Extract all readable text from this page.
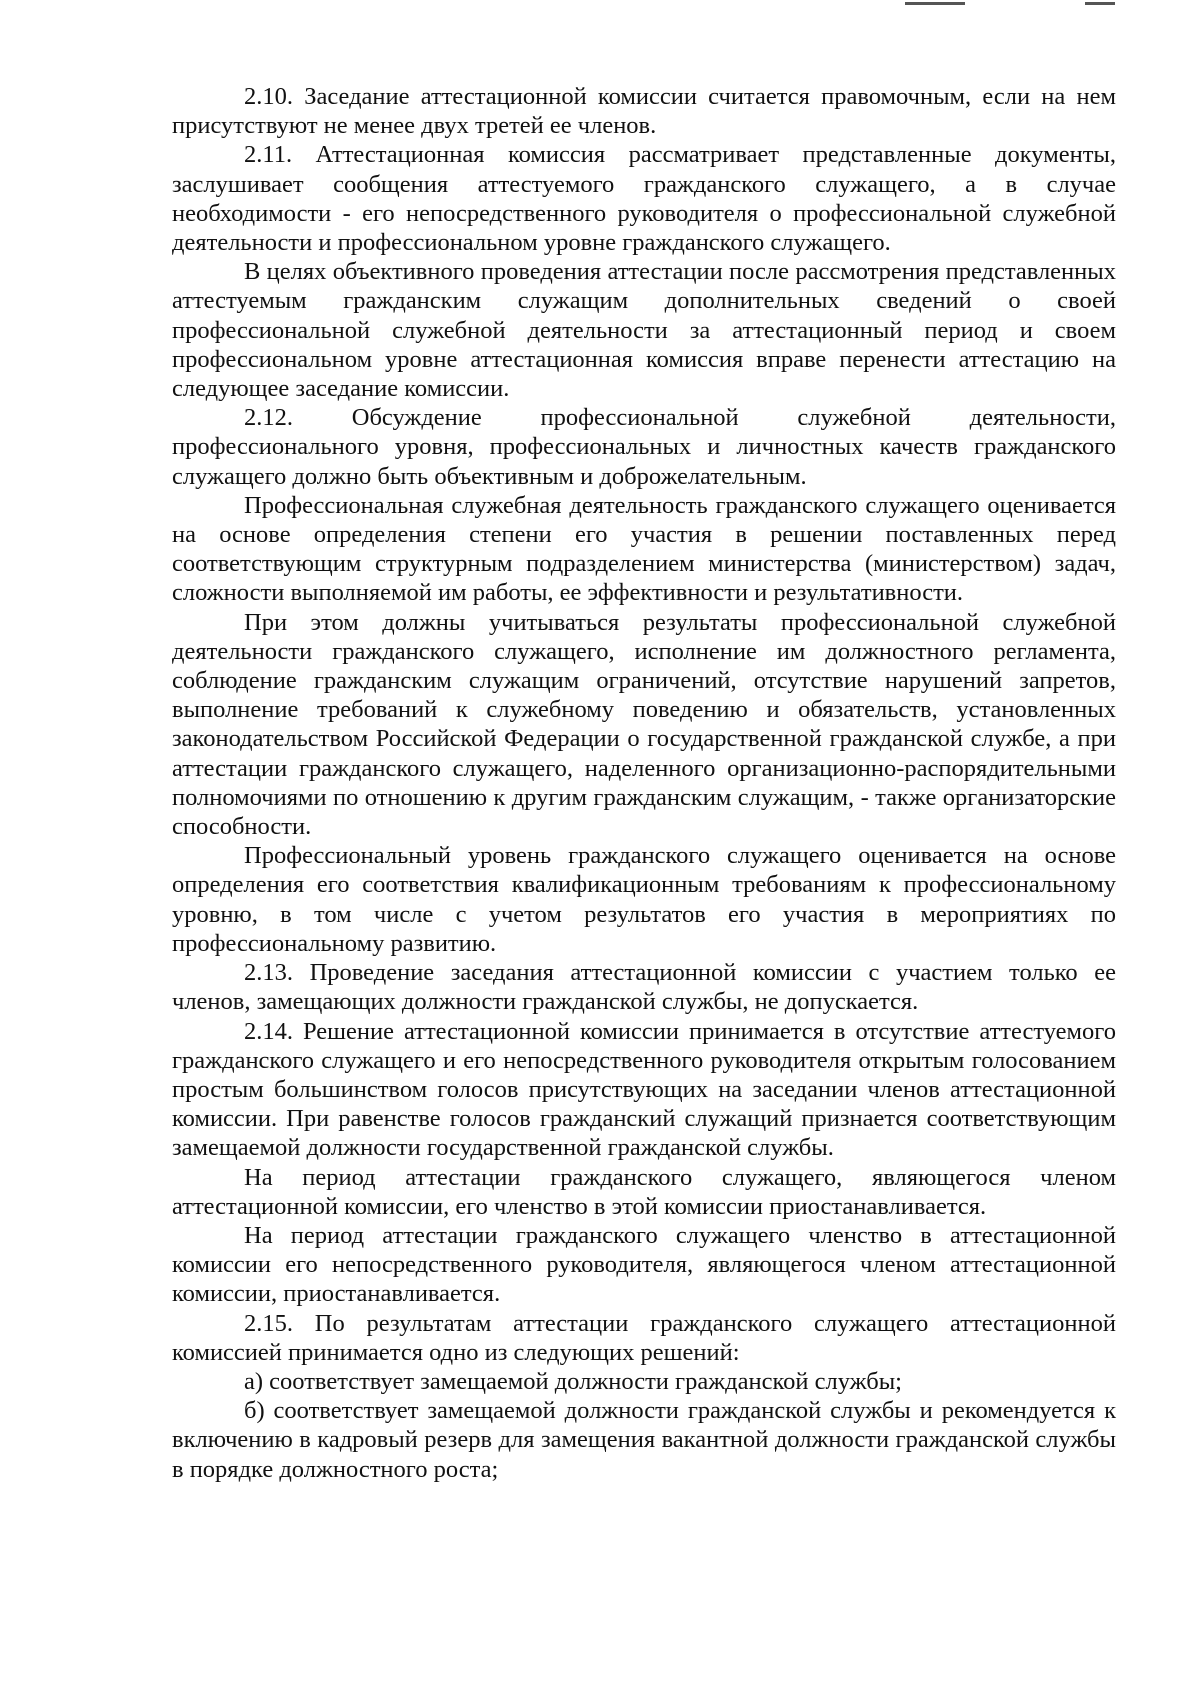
2.10. Заседание аттестационной комиссии считается правомочным, если на нем присутствуют не менее двух третей ее членов.

2.11. Аттестационная комиссия рассматривает представленные документы, заслушивает сообщения аттестуемого гражданского служащего, а в случае необходимости - его непосредственного руководителя о профессиональной служебной деятельности и профессиональном уровне гражданского служащего.

В целях объективного проведения аттестации после рассмотрения представленных аттестуемым гражданским служащим дополнительных сведений о своей профессиональной служебной деятельности за аттестационный период и своем профессиональном уровне аттестационная комиссия вправе перенести аттестацию на следующее заседание комиссии.

2.12. Обсуждение профессиональной служебной деятельности, профессионального уровня, профессиональных и личностных качеств гражданского служащего должно быть объективным и доброжелательным.

Профессиональная служебная деятельность гражданского служащего оценивается на основе определения степени его участия в решении поставленных перед соответствующим структурным подразделением министерства (министерством) задач, сложности выполняемой им работы, ее эффективности и результативности.

При этом должны учитываться результаты профессиональной служебной деятельности гражданского служащего, исполнение им должностного регламента, соблюдение гражданским служащим ограничений, отсутствие нарушений запретов, выполнение требований к служебному поведению и обязательств, установленных законодательством Российской Федерации о государственной гражданской службе, а при аттестации гражданского служащего, наделенного организационно-распорядительными полномочиями по отношению к другим гражданским служащим, - также организаторские способности.

Профессиональный уровень гражданского служащего оценивается на основе определения его соответствия квалификационным требованиям к профессиональному уровню, в том числе с учетом результатов его участия в мероприятиях по профессиональному развитию.

2.13. Проведение заседания аттестационной комиссии с участием только ее членов, замещающих должности гражданской службы, не допускается.

2.14. Решение аттестационной комиссии принимается в отсутствие аттестуемого гражданского служащего и его непосредственного руководителя открытым голосованием простым большинством голосов присутствующих на заседании членов аттестационной комиссии. При равенстве голосов гражданский служащий признается соответствующим замещаемой должности государственной гражданской службы.

На период аттестации гражданского служащего, являющегося членом аттестационной комиссии, его членство в этой комиссии приостанавливается.

На период аттестации гражданского служащего членство в аттестационной комиссии его непосредственного руководителя, являющегося членом аттестационной комиссии, приостанавливается.

2.15. По результатам аттестации гражданского служащего аттестационной комиссией принимается одно из следующих решений:

а) соответствует замещаемой должности гражданской службы;

б) соответствует замещаемой должности гражданской службы и рекомендуется к включению в кадровый резерв для замещения вакантной должности гражданской службы в порядке должностного роста;
